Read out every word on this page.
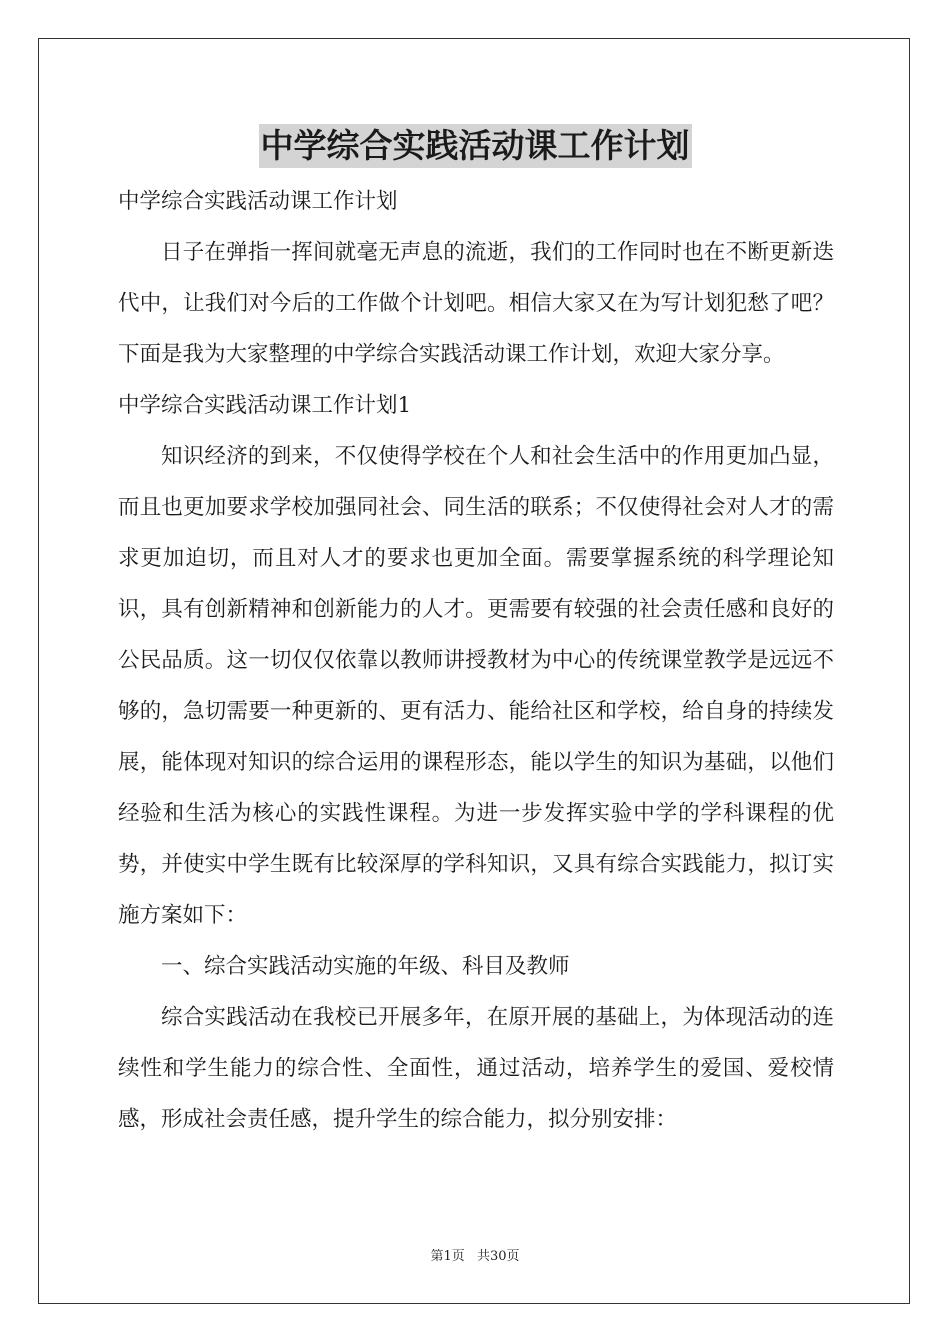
中学综合实践活动课工作计划

中学综合实践活动课工作计划

日子在弹指一挥间就毫无声息的流逝，我们的工作同时也在不断更新迭代中，让我们对今后的工作做个计划吧。相信大家又在为写计划犯愁了吧？下面是我为大家整理的中学综合实践活动课工作计划，欢迎大家分享。

中学综合实践活动课工作计划1

知识经济的到来，不仅使得学校在个人和社会生活中的作用更加凸显，而且也更加要求学校加强同社会、同生活的联系；不仅使得社会对人才的需求更加迫切，而且对人才的要求也更加全面。需要掌握系统的科学理论知识，具有创新精神和创新能力的人才。更需要有较强的社会责任感和良好的公民品质。这一切仅仅依靠以教师讲授教材为中心的传统课堂教学是远远不够的，急切需要一种更新的、更有活力、能给社区和学校，给自身的持续发展，能体现对知识的综合运用的课程形态，能以学生的知识为基础，以他们经验和生活为核心的实践性课程。为进一步发挥实验中学的学科课程的优势，并使实中学生既有比较深厚的学科知识，又具有综合实践能力，拟订实施方案如下：

一、综合实践活动实施的年级、科目及教师

综合实践活动在我校已开展多年，在原开展的基础上，为体现活动的连续性和学生能力的综合性、全面性，通过活动，培养学生的爱国、爱校情感，形成社会责任感，提升学生的综合能力，拟分别安排：

第1页 共30页
